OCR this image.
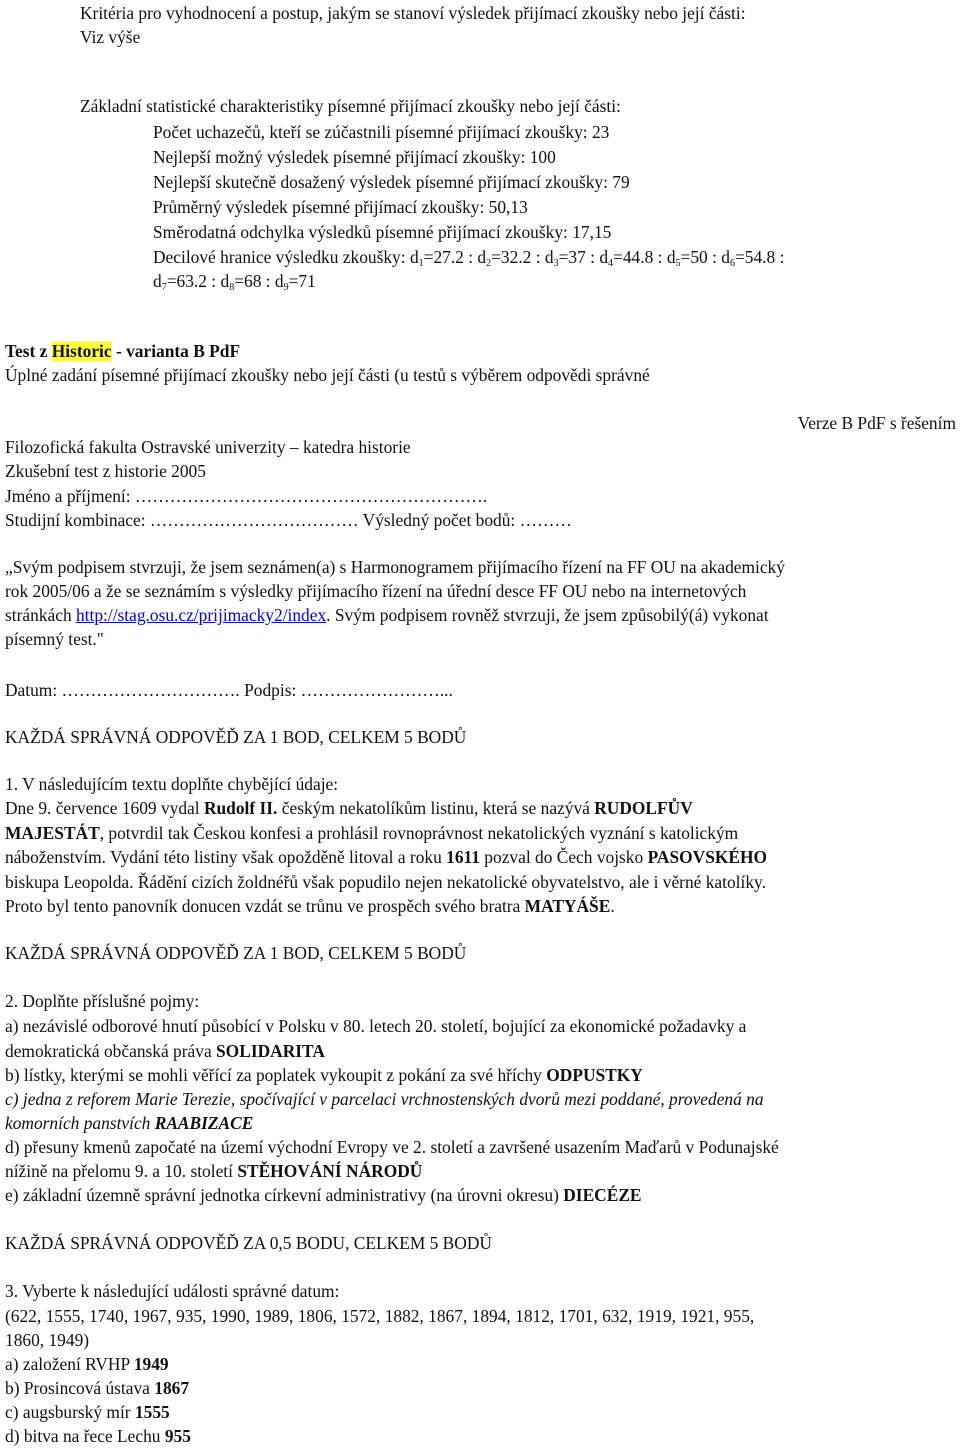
Kritéria pro vyhodnocení a postup, jakým se stanoví výsledek přijímací zkoušky nebo její části:
Viz výše
Základní statistické charakteristiky písemné přijímací zkoušky nebo její části:
Počet uchazečů, kteří se zúčastnili písemné přijímací zkoušky: 23
Nejlepší možný výsledek písemné přijímací zkoušky: 100
Nejlepší skutečně dosažený výsledek písemné přijímací zkoušky: 79
Průměrný výsledek písemné přijímací zkoušky: 50,13
Směrodatná odchylka výsledků písemné přijímací zkoušky: 17,15
Decilové hranice výsledku zkoušky: $d_1=27.2$ : $d_2=32.2$ : $d_3=37$ : $d_4=44.8$ : $d_5=50$ : $d_6=54.8$ :
$d_7=63.2$ : $d_8=68$ : $d_9=71$
Test z Historic - varianta B PdF
Úplné zadání písemné přijímací zkoušky nebo její části (u testů s výběrem odpovědi správné
Verze B PdF s řešením
Filozofická fakulta Ostravské univerzity – katedra historie
Zkušební test z historie 2005
Jméno a příjmení: …………………………………………………….
Studijní kombinace: ……………………………… Výsledný počet bodů: ………
„Svým podpisem stvrzuji, že jsem seznámen(a) s Harmonogramem přijímacího řízení na FF OU na akademický
rok 2005/06 a že se seznámím s výsledky přijímacího řízení na úřední desce FF OU nebo na internetových
stránkách http://stag.osu.cz/prijimacky2/index. Svým podpisem rovněž stvrzuji, že jsem způsobilý(á) vykonat
písemný test."
Datum: …………………………. Podpis: ……………………...
KAŽDÁ SPRÁVNÁ ODPOVĚĎ ZA 1 BOD, CELKEM 5 BODŮ
1. V následujícím textu doplňte chybějící údaje:
Dne 9. července 1609 vydal Rudolf II. českým nekatolíkům listinu, která se nazývá RUDOLFŮV
MAJESTÁT, potvrdil tak Českou konfesi a prohlásil rovnoprávnost nekatolických vyznání s katolickým
náboženstvím. Vydání této listiny však opožděně litoval a roku 1611 pozval do Čech vojsko PASOVSKÉHO
biskupa Leopolda. Řádění cizích žoldnéřů však popudilo nejen nekatolické obyvatelstvo, ale i věrné katolíky.
Proto byl tento panovník donucen vzdát se trůnu ve prospěch svého bratra MATYÁŠE.
KAŽDÁ SPRÁVNÁ ODPOVĚĎ ZA 1 BOD, CELKEM 5 BODŮ
2. Doplňte příslušné pojmy:
a) nezávislé odborové hnutí působící v Polsku v 80. letech 20. století, bojující za ekonomické požadavky a
demokratická občanská práva SOLIDARITA
b) lístky, kterými se mohli věřící za poplatek vykoupit z pokání za své hříchy ODPUSTKY
c) jedna z reforem Marie Terezie, spočívající v parcelaci vrchnostenských dvorů mezi poddané, provedená na
komorních panstvích RAABIZACE
d) přesuny kmenů započaté na území východní Evropy ve 2. století a završené usazením Maďarů v Podunajské
nížině na přelomu 9. a 10. století STĚHOVÁNÍ NÁRODŮ
e) základní územně správní jednotka církevní administrativy (na úrovni okresu) DIECÉZE
KAŽDÁ SPRÁVNÁ ODPOVĚĎ ZA 0,5 BODU, CELKEM 5 BODŮ
3. Vyberte k následující události správné datum:
(622, 1555, 1740, 1967, 935, 1990, 1989, 1806, 1572, 1882, 1867, 1894, 1812, 1701, 632, 1919, 1921, 955,
1860, 1949)
a) založení RVHP 1949
b) Prosincová ústava 1867
c) augsburský mír 1555
d) bitva na řece Lechu 955
